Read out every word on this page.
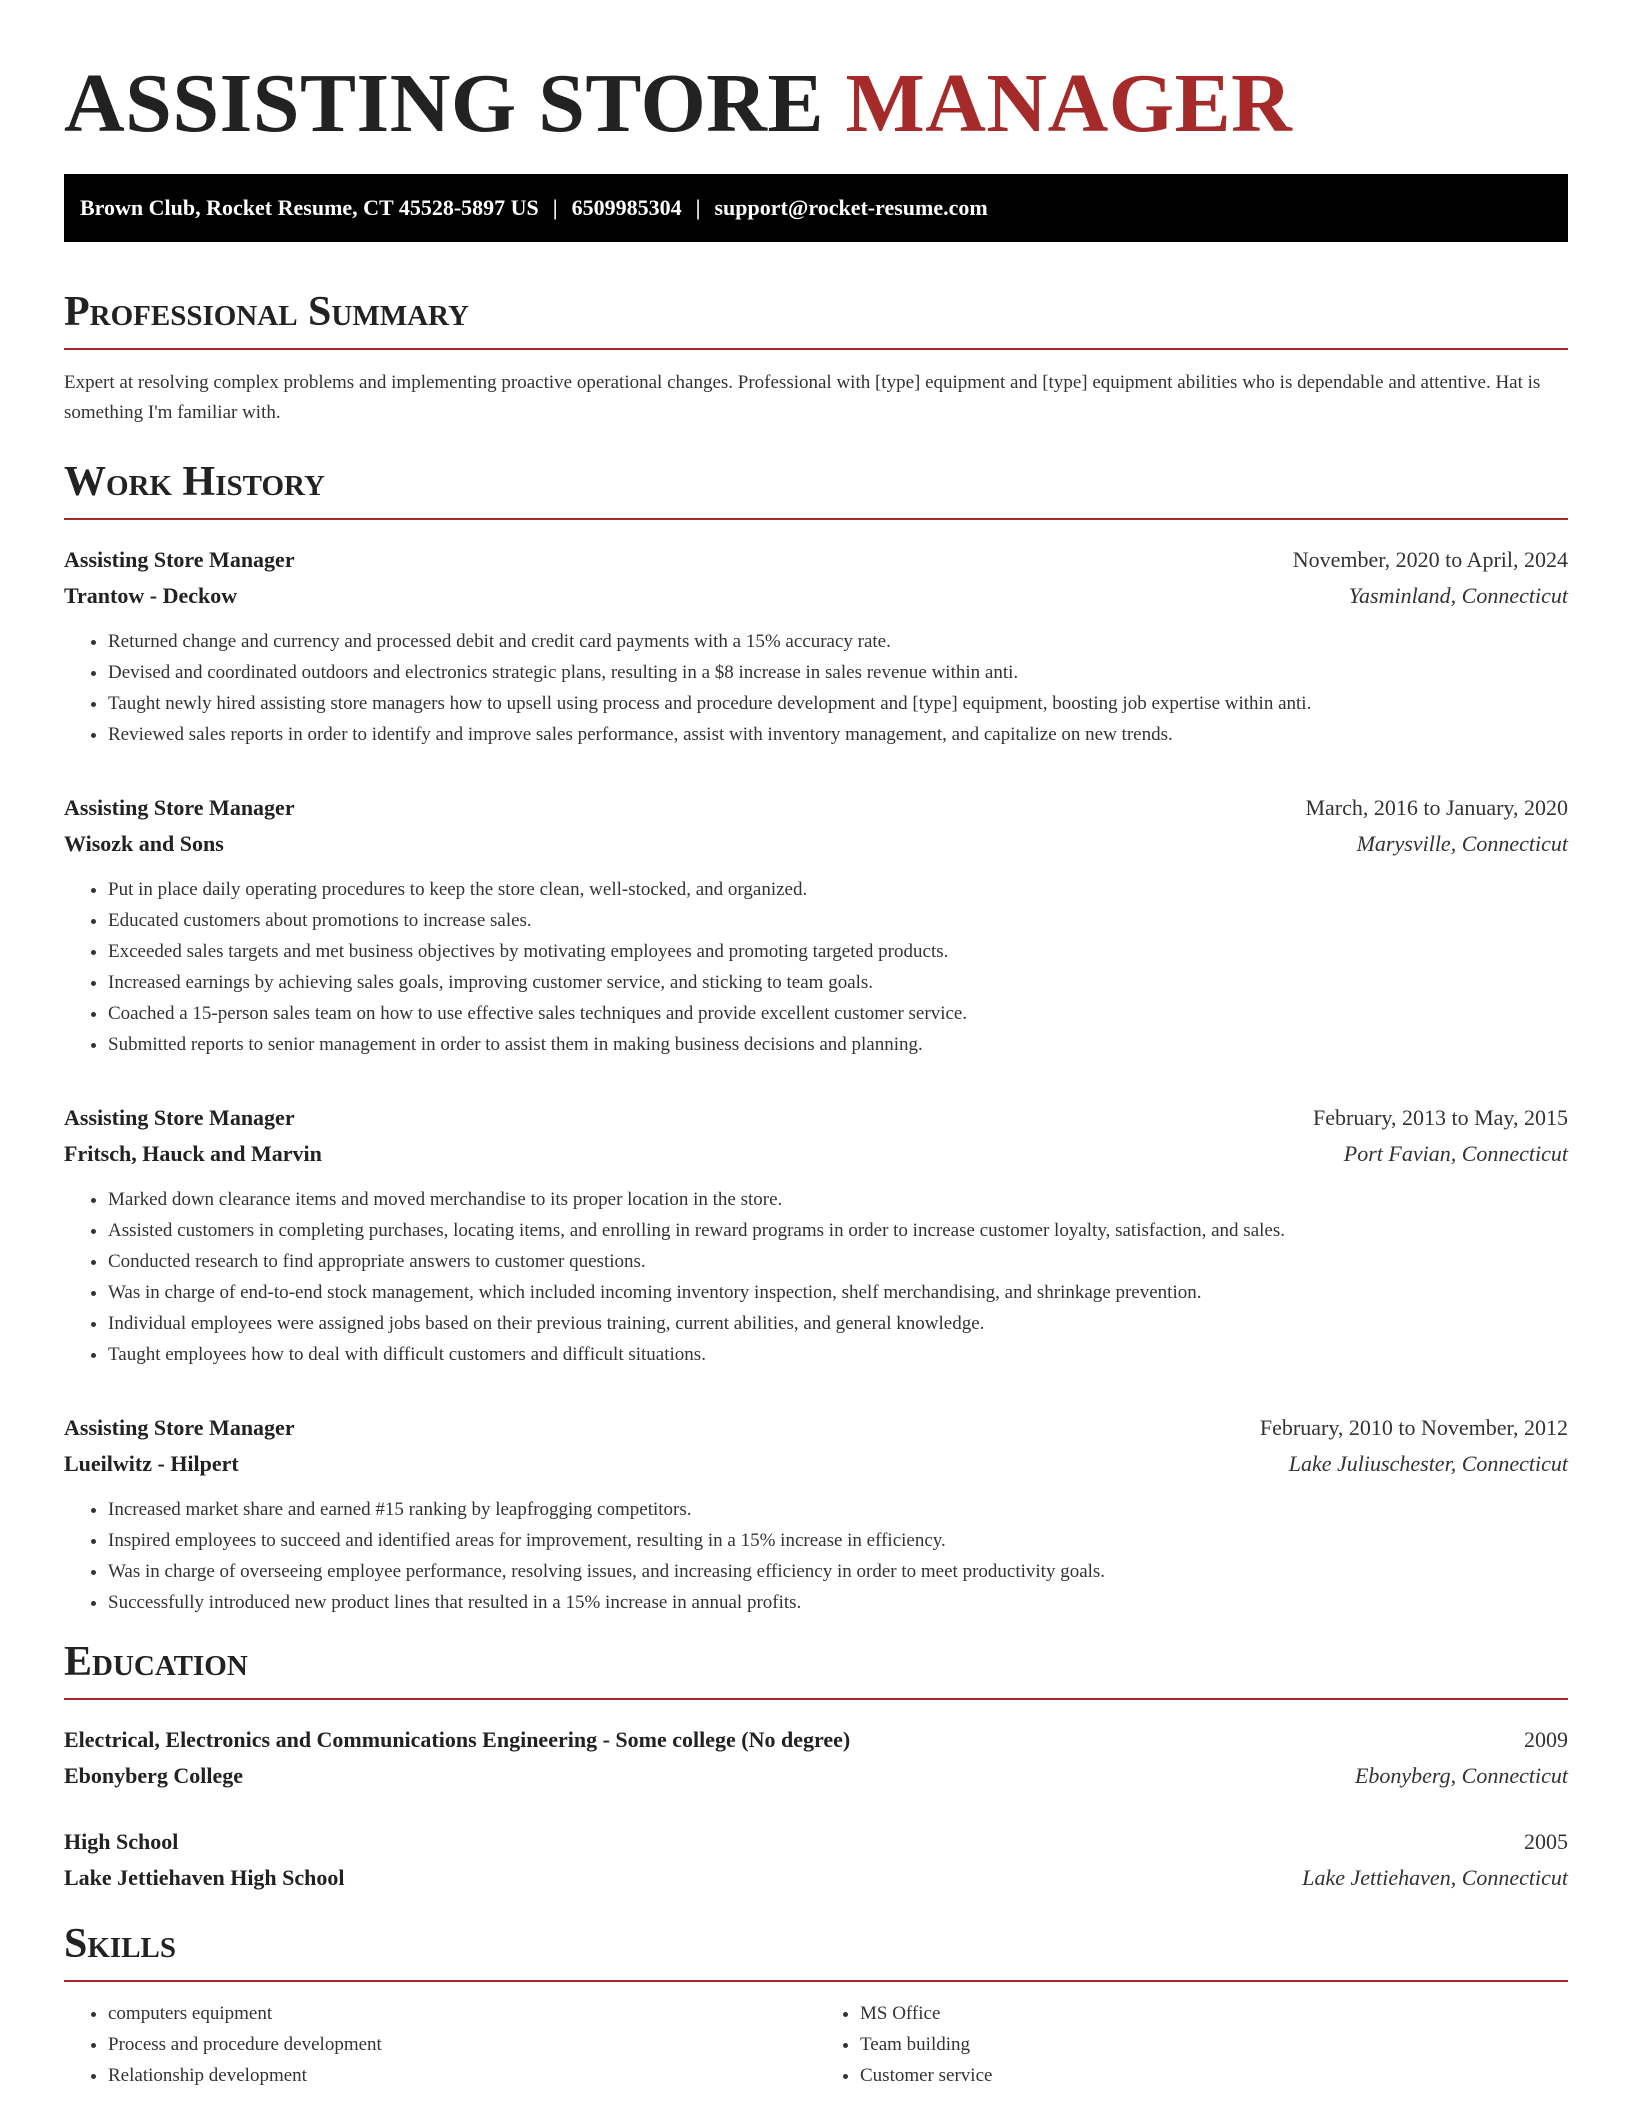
ASSISTING STORE MANAGER
Brown Club, Rocket Resume, CT 45528-5897 US | 6509985304 | support@rocket-resume.com
Professional Summary

Expert at resolving complex problems and implementing proactive operational changes. Professional with [type] equipment and [type] equipment abilities who is dependable and attentive. Hat is something I'm familiar with.

Work History
Assisting Store Manager	November, 2020 to April, 2024
Trantow - Deckow	Yasminland, Connecticut
• Returned change and currency and processed debit and credit card payments with a 15% accuracy rate.
• Devised and coordinated outdoors and electronics strategic plans, resulting in a $8 increase in sales revenue within anti.
• Taught newly hired assisting store managers how to upsell using process and procedure development and [type] equipment, boosting job expertise within anti.
• Reviewed sales reports in order to identify and improve sales performance, assist with inventory management, and capitalize on new trends.
Assisting Store Manager	March, 2016 to January, 2020
Wisozk and Sons	Marysville, Connecticut
• Put in place daily operating procedures to keep the store clean, well-stocked, and organized.
• Educated customers about promotions to increase sales.
• Exceeded sales targets and met business objectives by motivating employees and promoting targeted products.
• Increased earnings by achieving sales goals, improving customer service, and sticking to team goals.
• Coached a 15-person sales team on how to use effective sales techniques and provide excellent customer service.
• Submitted reports to senior management in order to assist them in making business decisions and planning.
Assisting Store Manager	February, 2013 to May, 2015
Fritsch, Hauck and Marvin	Port Favian, Connecticut
• Marked down clearance items and moved merchandise to its proper location in the store.
• Assisted customers in completing purchases, locating items, and enrolling in reward programs in order to increase customer loyalty, satisfaction, and sales.
• Conducted research to find appropriate answers to customer questions.
• Was in charge of end-to-end stock management, which included incoming inventory inspection, shelf merchandising, and shrinkage prevention.
• Individual employees were assigned jobs based on their previous training, current abilities, and general knowledge.
• Taught employees how to deal with difficult customers and difficult situations.
Assisting Store Manager	February, 2010 to November, 2012
Lueilwitz - Hilpert	Lake Juliuschester, Connecticut
• Increased market share and earned #15 ranking by leapfrogging competitors.
• Inspired employees to succeed and identified areas for improvement, resulting in a 15% increase in efficiency.
• Was in charge of overseeing employee performance, resolving issues, and increasing efficiency in order to meet productivity goals.
• Successfully introduced new product lines that resulted in a 15% increase in annual profits.
Education
Electrical, Electronics and Communications Engineering - Some college (No degree)	2009
Ebonyberg College	Ebonyberg, Connecticut
High School	2005
Lake Jettiehaven High School	Lake Jettiehaven, Connecticut
Skills
• computers equipment
• Process and procedure development
• Relationship development
• MS Office
• Team building
• Customer service
